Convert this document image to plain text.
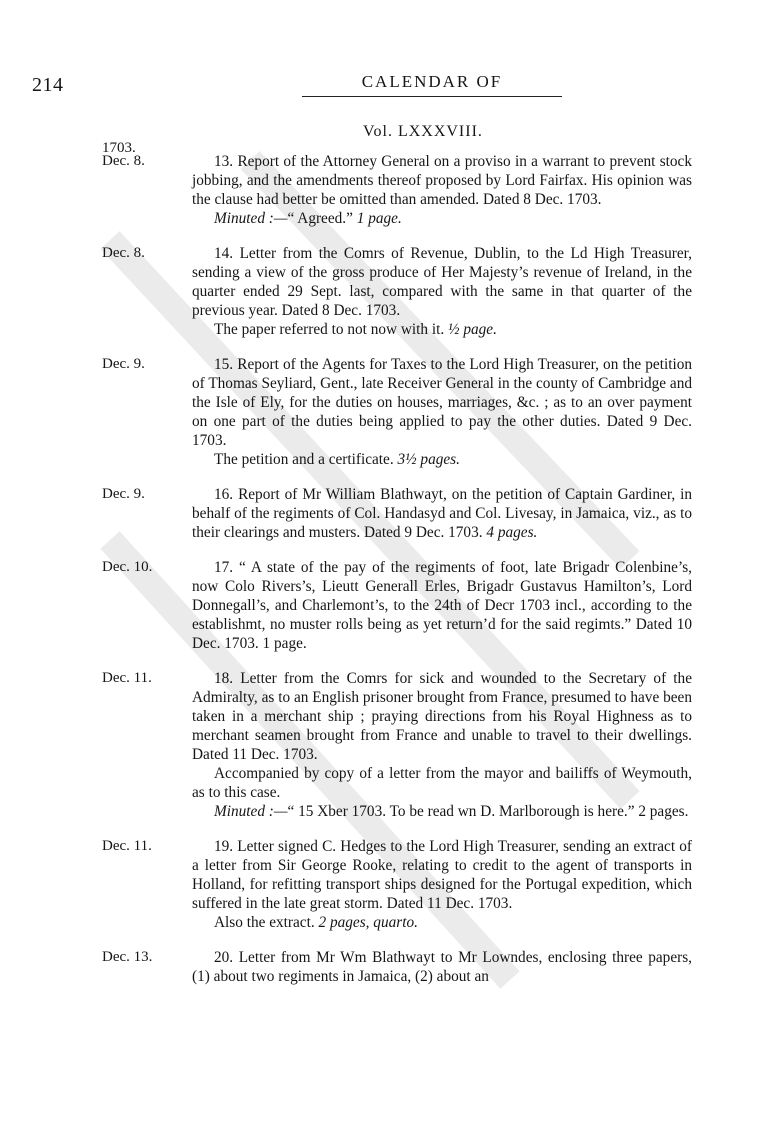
214	CALENDAR OF
Vol. LXXXVIII.
1703.
Dec. 8.	13. Report of the Attorney General on a proviso in a warrant to prevent stock jobbing, and the amendments thereof proposed by Lord Fairfax. His opinion was the clause had better be omitted than amended. Dated 8 Dec. 1703.

Minuted :—“ Agreed.” 1 page.

Dec. 8.	14. Letter from the Comrs of Revenue, Dublin, to the Ld High Treasurer, sending a view of the gross produce of Her Majesty’s revenue of Ireland, in the quarter ended 29 Sept. last, compared with the same in that quarter of the previous year. Dated 8 Dec. 1703.

The paper referred to not now with it. ½ page.

Dec. 9.	15. Report of the Agents for Taxes to the Lord High Treasurer, on the petition of Thomas Seyliard, Gent., late Receiver General in the county of Cambridge and the Isle of Ely, for the duties on houses, marriages, &c. ; as to an over payment on one part of the duties being applied to pay the other duties. Dated 9 Dec. 1703.

The petition and a certificate. 3½ pages.

Dec. 9.	16. Report of Mr William Blathwayt, on the petition of Captain Gardiner, in behalf of the regiments of Col. Handasyd and Col. Livesay, in Jamaica, viz., as to their clearings and musters. Dated 9 Dec. 1703. 4 pages.

Dec. 10.	17. “ A state of the pay of the regiments of foot, late Brigadr Colenbine’s, now Colo Rivers’s, Lieutt Generall Erles, Brigadr Gustavus Hamilton’s, Lord Donnegall’s, and Charlemont’s, to the 24th of Decr 1703 incl., according to the establishmt, no muster rolls being as yet return’d for the said regimts.” Dated 10 Dec. 1703. 1 page.

Dec. 11.	18. Letter from the Comrs for sick and wounded to the Secretary of the Admiralty, as to an English prisoner brought from France, presumed to have been taken in a merchant ship ; praying directions from his Royal Highness as to merchant seamen brought from France and unable to travel to their dwellings. Dated 11 Dec. 1703.

Accompanied by copy of a letter from the mayor and bailiffs of Weymouth, as to this case.

Minuted :—“ 15 Xber 1703. To be read wn D. Marlborough is here.” 2 pages.

Dec. 11.	19. Letter signed C. Hedges to the Lord High Treasurer, sending an extract of a letter from Sir George Rooke, relating to credit to the agent of transports in Holland, for refitting transport ships designed for the Portugal expedition, which suffered in the late great storm. Dated 11 Dec. 1703.

Also the extract. 2 pages, quarto.

Dec. 13.	20. Letter from Mr Wm Blathwayt to Mr Lowndes, enclosing three papers, (1) about two regiments in Jamaica, (2) about an
